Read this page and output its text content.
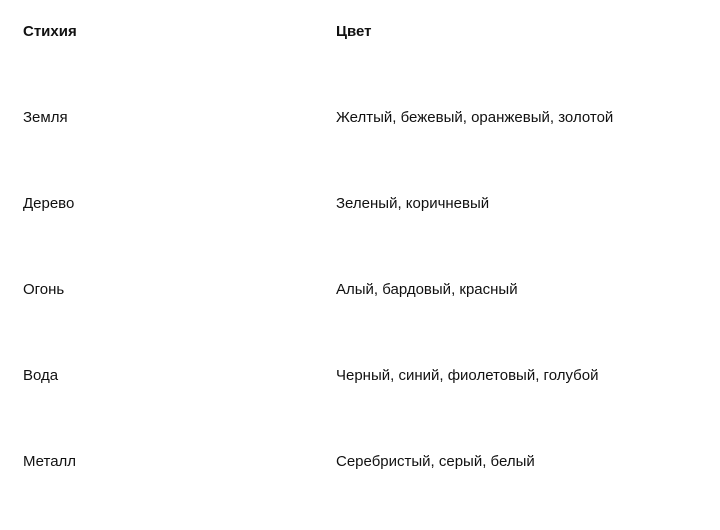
Стихия	Цвет
Земля	Желтый, бежевый, оранжевый, золотой
Дерево	Зеленый, коричневый
Огонь	Алый, бардовый, красный
Вода	Черный, синий, фиолетовый, голубой
Металл	Серебристый, серый, белый
